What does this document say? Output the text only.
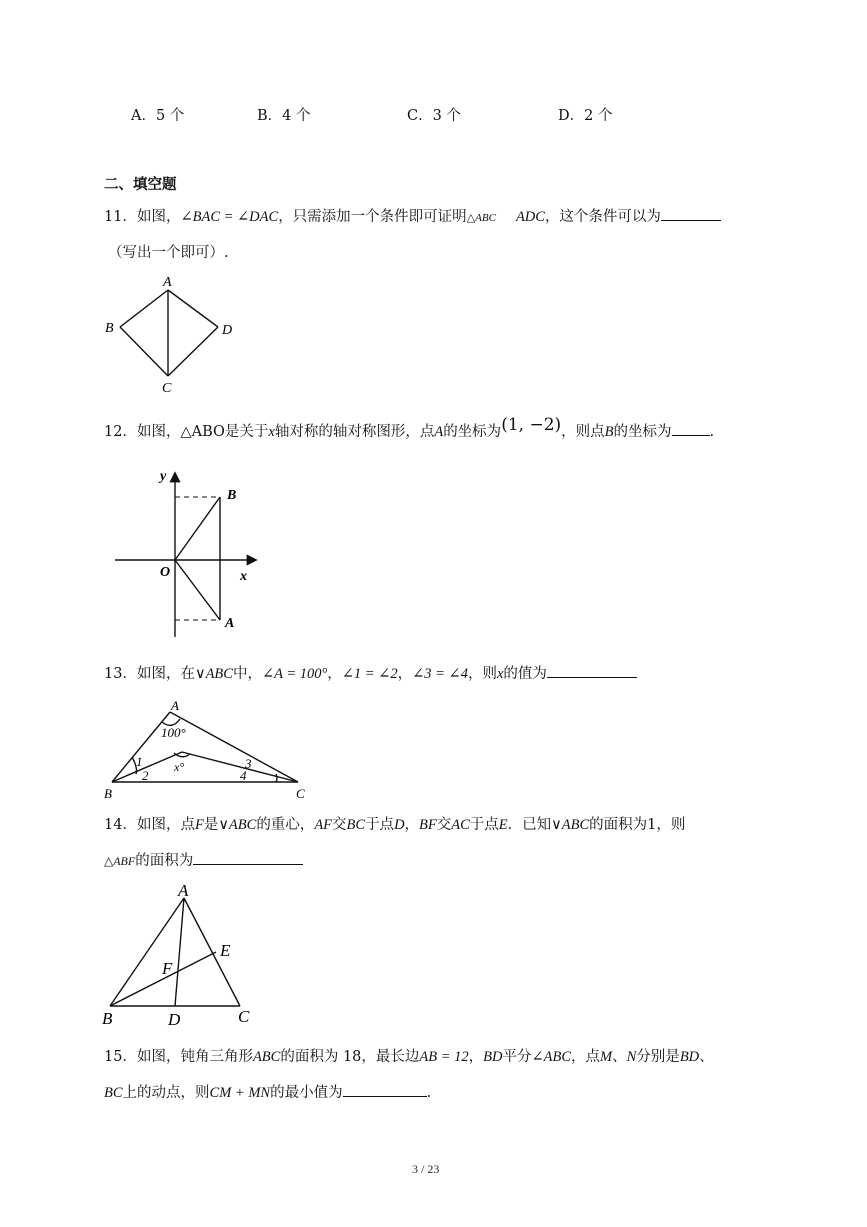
A．5 个	B．4 个	C．3 个	D．2 个
二、填空题
11．如图，∠BAC = ∠DAC，只需添加一个条件即可证明△ABC ADC，这个条件可以为
（写出一个即可）.
A
B	D
C
12．如图，△ABO是关于x轴对称的轴对称图形，点A的坐标为(1, −2)，则点B的坐标为	.
y
x
O
B
A
13．如图，在∨ABC中，∠A = 100°，∠1 = ∠2，∠3 = ∠4，则x的值为
A
B	C
100°
x°
1
2
3
4
14．如图，点F是∨ABC的重心，AF交BC于点D，BF交AC于点E．已知∨ABC的面积为1，则
△ABF的面积为
A
B	C
D
E
F
15．如图，钝角三角形ABC的面积为 18，最长边AB = 12，BD平分∠ABC，点M、N分别是BD、
BC上的动点，则CM + MN的最小值为	.
3 / 23
